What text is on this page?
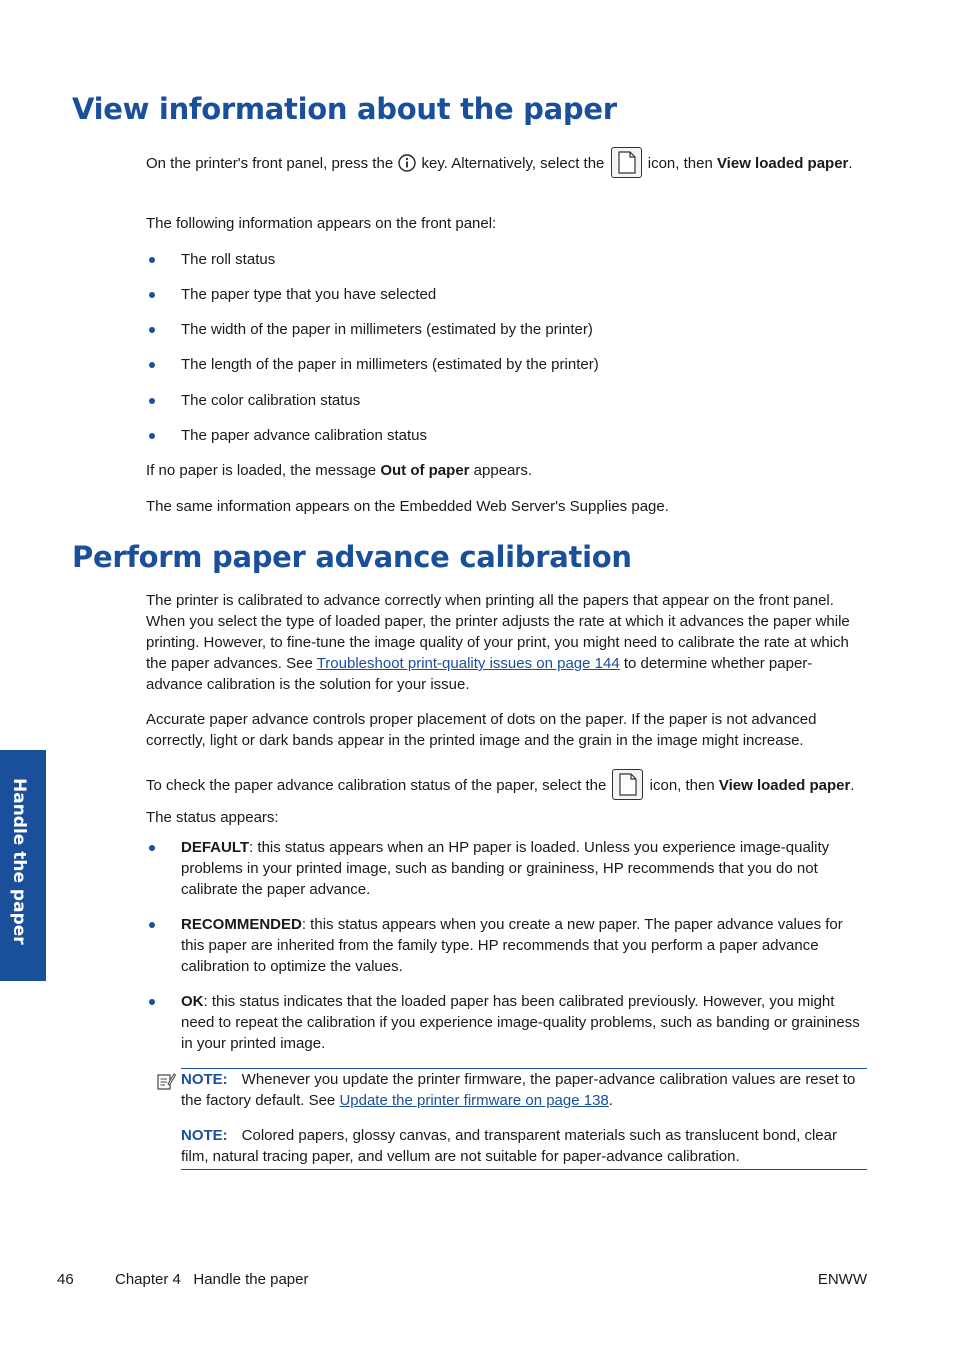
View information about the paper

On the printer's front panel, press the key. Alternatively, select the	icon, then View loaded paper.

The following information appears on the front panel:

The roll status
The paper type that you have selected
The width of the paper in millimeters (estimated by the printer)
The length of the paper in millimeters (estimated by the printer)
The color calibration status
The paper advance calibration status

If no paper is loaded, the message Out of paper appears.

The same information appears on the Embedded Web Server's Supplies page.

Perform paper advance calibration

The printer is calibrated to advance correctly when printing all the papers that appear on the front panel. When you select the type of loaded paper, the printer adjusts the rate at which it advances the paper while printing. However, to fine-tune the image quality of your print, you might need to calibrate the rate at which the paper advances. See Troubleshoot print-quality issues on page 144 to determine whether paper-advance calibration is the solution for your issue.

Accurate paper advance controls proper placement of dots on the paper. If the paper is not advanced correctly, light or dark bands appear in the printed image and the grain in the image might increase.

To check the paper advance calibration status of the paper, select the	icon, then View loaded paper. The status appears:

DEFAULT: this status appears when an HP paper is loaded. Unless you experience image-quality problems in your printed image, such as banding or graininess, HP recommends that you do not calibrate the paper advance.
RECOMMENDED: this status appears when you create a new paper. The paper advance values for this paper are inherited from the family type. HP recommends that you perform a paper advance calibration to optimize the values.
OK: this status indicates that the loaded paper has been calibrated previously. However, you might need to repeat the calibration if you experience image-quality problems, such as banding or graininess in your printed image.

NOTE: Whenever you update the printer firmware, the paper-advance calibration values are reset to the factory default. See Update the printer firmware on page 138.

NOTE: Colored papers, glossy canvas, and transparent materials such as translucent bond, clear film, natural tracing paper, and vellum are not suitable for paper-advance calibration.

Handle the paper
46	Chapter 4   Handle the paper	ENWW
